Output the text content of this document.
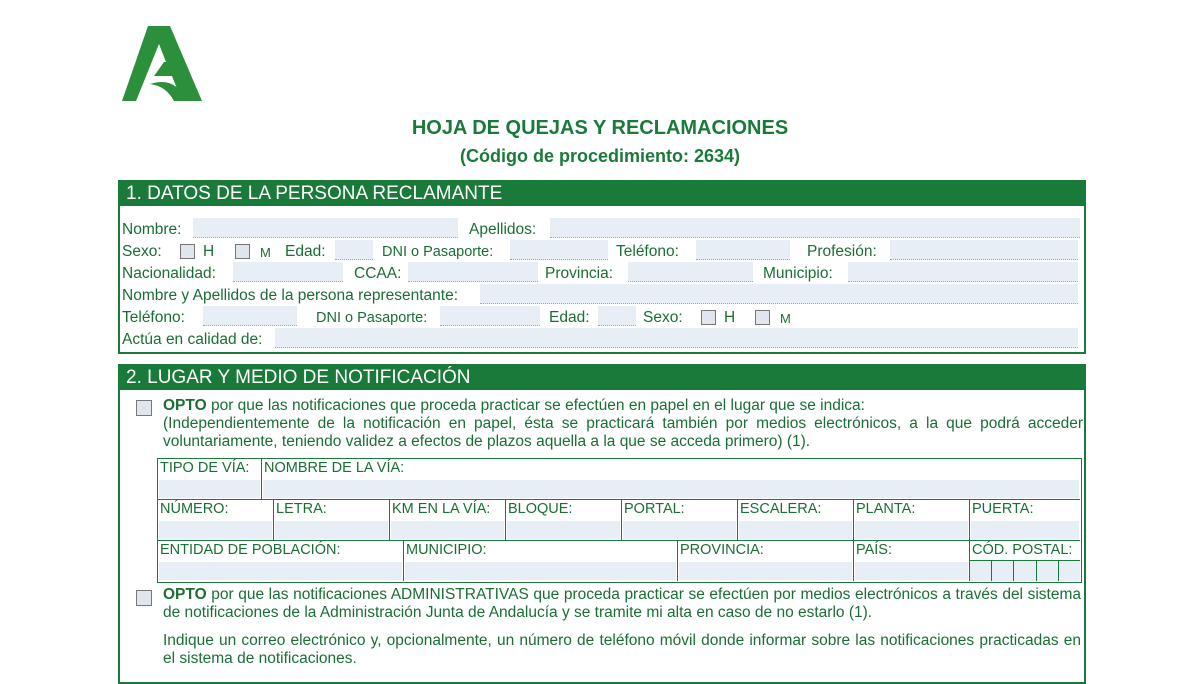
HOJA DE QUEJAS Y RECLAMACIONES
(Código de procedimiento: 2634)
1. DATOS DE LA PERSONA RECLAMANTE
Nombre:	Apellidos:
Sexo:	H	M Edad:	DNI o Pasaporte:	Teléfono:	Profesión:
Nacionalidad:	CCAA:	Provincia:	Municipio:
Nombre y Apellidos de la persona representante:
Teléfono:	DNI o Pasaporte:	Edad:	Sexo:	H	M
Actúa en calidad de:
2. LUGAR Y MEDIO DE NOTIFICACIÓN
OPTO por que las notificaciones que proceda practicar se efectúen en papel en el lugar que se indica:
(Independientemente de la notificación en papel, ésta se practicará también por medios electrónicos, a la que podrá acceder voluntariamente, teniendo validez a efectos de plazos aquella a la que se acceda primero) (1).
TIPO DE VÍA:	NOMBRE DE LA VÍA:
NÚMERO:	LETRA:	KM EN LA VÍA:	BLOQUE:	PORTAL:	ESCALERA:	PLANTA:	PUERTA:
ENTIDAD DE POBLACIÓN:	MUNICIPIO:	PROVINCIA:	PAÍS:	CÓD. POSTAL:
OPTO por que las notificaciones ADMINISTRATIVAS que proceda practicar se efectúen por medios electrónicos a través del sistema de notificaciones de la Administración Junta de Andalucía y se tramite mi alta en caso de no estarlo (1).
Indique un correo electrónico y, opcionalmente, un número de teléfono móvil donde informar sobre las notificaciones practicadas en el sistema de notificaciones.
